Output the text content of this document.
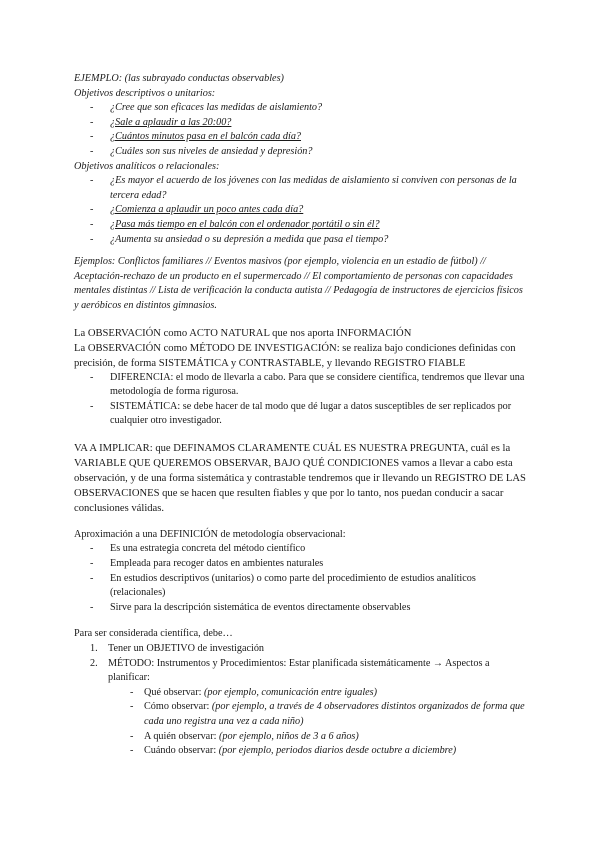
EJEMPLO: (las subrayado conductas observables)
Objetivos descriptivos o unitarios:
- ¿Cree que son eficaces las medidas de aislamiento?
- ¿Sale a aplaudir a las 20:00?
- ¿Cuántos minutos pasa en el balcón cada día?
- ¿Cuáles son sus niveles de ansiedad y depresión?
Objetivos analíticos o relacionales:
- ¿Es mayor el acuerdo de los jóvenes con las medidas de aislamiento si conviven con personas de la tercera edad?
- ¿Comienza a aplaudir un poco antes cada día?
- ¿Pasa más tiempo en el balcón con el ordenador portátil o sin él?
- ¿Aumenta su ansiedad o su depresión a medida que pasa el tiempo?
Ejemplos: Conflictos familiares // Eventos masivos (por ejemplo, violencia en un estadio de fútbol) // Aceptación-rechazo de un producto en el supermercado // El comportamiento de personas con capacidades mentales distintas // Lista de verificación la conducta autista // Pedagogía de instructores de ejercicios físicos y aeróbicos en distintos gimnasios.
La OBSERVACIÓN como ACTO NATURAL que nos aporta INFORMACIÓN
La OBSERVACIÓN como MÉTODO DE INVESTIGACIÓN: se realiza bajo condiciones definidas con precisión, de forma SISTEMÁTICA y CONTRASTABLE, y llevando REGISTRO FIABLE
- DIFERENCIA: el modo de llevarla a cabo. Para que se considere científica, tendremos que llevar una metodología de forma rigurosa.
- SISTEMÁTICA: se debe hacer de tal modo que dé lugar a datos susceptibles de ser replicados por cualquier otro investigador.
VA A IMPLICAR: que DEFINAMOS CLARAMENTE CUÁL ES NUESTRA PREGUNTA, cuál es la VARIABLE QUE QUEREMOS OBSERVAR, BAJO QUÉ CONDICIONES vamos a llevar a cabo esta observación, y de una forma sistemática y contrastable tendremos que ir llevando un REGISTRO DE LAS OBSERVACIONES que se hacen que resulten fiables y que por lo tanto, nos puedan conducir a sacar conclusiones válidas.
Aproximación a una DEFINICIÓN de metodología observacional:
- Es una estrategia concreta del método científico
- Empleada para recoger datos en ambientes naturales
- En estudios descriptivos (unitarios) o como parte del procedimiento de estudios analíticos (relacionales)
- Sirve para la descripción sistemática de eventos directamente observables
Para ser considerada científica, debe…
1. Tener un OBJETIVO de investigación
2. MÉTODO: Instrumentos y Procedimientos: Estar planificada sistemáticamente → Aspectos a planificar:
- Qué observar: (por ejemplo, comunicación entre iguales)
- Cómo observar: (por ejemplo, a través de 4 observadores distintos organizados de forma que cada uno registra una vez a cada niño)
- A quién observar: (por ejemplo, niños de 3 a 6 años)
- Cuándo observar: (por ejemplo, periodos diarios desde octubre a diciembre)
